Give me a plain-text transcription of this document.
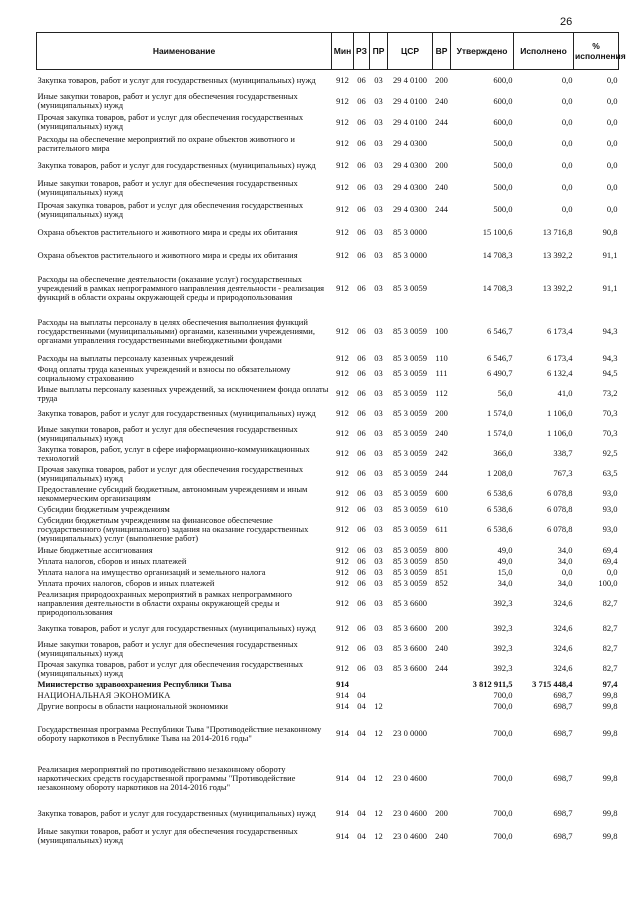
26
Наименование	Мин	РЗ	ПР	ЦСР	ВР	Утверждено	Исполнено	% исполнения
Закупка товаров, работ и услуг для государственных (муниципальных) нужд	912	06	03	29 4 0100	200	600,0	0,0	0,0
Иные закупки товаров, работ и услуг для обеспечения государственных (муниципальных) нужд	912	06	03	29 4 0100	240	600,0	0,0	0,0
Прочая закупка товаров, работ и услуг для обеспечения государственных (муниципальных) нужд	912	06	03	29 4 0100	244	600,0	0,0	0,0
Расходы на обеспечение мероприятий по охране объектов животного и растительного мира	912	06	03	29 4 0300		500,0	0,0	0,0
Закупка товаров, работ и услуг для государственных (муниципальных) нужд	912	06	03	29 4 0300	200	500,0	0,0	0,0
Иные закупки товаров, работ и услуг для обеспечения государственных (муниципальных) нужд	912	06	03	29 4 0300	240	500,0	0,0	0,0
Прочая закупка товаров, работ и услуг для обеспечения государственных (муниципальных) нужд	912	06	03	29 4 0300	244	500,0	0,0	0,0
Охрана объектов растительного и животного мира и среды их обитания	912	06	03	85 3 0000		15 100,6	13 716,8	90,8
Охрана объектов растительного и животного мира и среды их обитания	912	06	03	85 3 0000		14 708,3	13 392,2	91,1
Расходы на обеспечение деятельности (оказание услуг) государственных учреждений в рамках непрограммного направления деятельности - реализация функций в области охраны окружающей среды и природопользования	912	06	03	85 3 0059		14 708,3	13 392,2	91,1
Расходы на выплаты персоналу в целях обеспечения выполнения функций государственными (муниципальными) органами, казенными учреждениями, органами управления государственными внебюджетными фондами	912	06	03	85 3 0059	100	6 546,7	6 173,4	94,3
Расходы на выплаты персоналу казенных учреждений	912	06	03	85 3 0059	110	6 546,7	6 173,4	94,3
Фонд оплаты труда казенных учреждений и взносы по обязательному социальному страхованию	912	06	03	85 3 0059	111	6 490,7	6 132,4	94,5
Иные выплаты персоналу казенных учреждений, за исключением фонда оплаты труда	912	06	03	85 3 0059	112	56,0	41,0	73,2
Закупка товаров, работ и услуг для государственных (муниципальных) нужд	912	06	03	85 3 0059	200	1 574,0	1 106,0	70,3
Иные закупки товаров, работ и услуг для обеспечения государственных (муниципальных) нужд	912	06	03	85 3 0059	240	1 574,0	1 106,0	70,3
Закупка товаров, работ, услуг в сфере информационно-коммуникационных технологий	912	06	03	85 3 0059	242	366,0	338,7	92,5
Прочая закупка товаров, работ и услуг для обеспечения государственных (муниципальных) нужд	912	06	03	85 3 0059	244	1 208,0	767,3	63,5
Предоставление субсидий бюджетным, автономным учреждениям и иным некоммерческим организациям	912	06	03	85 3 0059	600	6 538,6	6 078,8	93,0
Субсидии бюджетным учреждениям	912	06	03	85 3 0059	610	6 538,6	6 078,8	93,0
Субсидии бюджетным учреждениям на финансовое обеспечение государственного (муниципального) задания на оказание государственных (муниципальных) услуг (выполнение работ)	912	06	03	85 3 0059	611	6 538,6	6 078,8	93,0
Иные бюджетные ассигнования	912	06	03	85 3 0059	800	49,0	34,0	69,4
Уплата налогов, сборов и иных платежей	912	06	03	85 3 0059	850	49,0	34,0	69,4
Уплата налога на имущество организаций и земельного налога	912	06	03	85 3 0059	851	15,0	0,0	0,0
Уплата прочих налогов, сборов и иных платежей	912	06	03	85 3 0059	852	34,0	34,0	100,0
Реализация природоохранных мероприятий в рамках непрограммного направления деятельности в области охраны окружающей среды и природопользования	912	06	03	85 3 6600		392,3	324,6	82,7
Закупка товаров, работ и услуг для государственных (муниципальных) нужд	912	06	03	85 3 6600	200	392,3	324,6	82,7
Иные закупки товаров, работ и услуг для обеспечения государственных (муниципальных) нужд	912	06	03	85 3 6600	240	392,3	324,6	82,7
Прочая закупка товаров, работ и услуг для обеспечения государственных (муниципальных) нужд	912	06	03	85 3 6600	244	392,3	324,6	82,7
Министерство здравоохранения Республики Тыва	914					3 812 911,5	3 715 448,4	97,4
НАЦИОНАЛЬНАЯ ЭКОНОМИКА	914	04				700,0	698,7	99,8
Другие вопросы в области национальной экономики	914	04	12			700,0	698,7	99,8
Государственная программа Республики Тыва "Противодействие незаконному обороту наркотиков в Республике Тыва на 2014-2016 годы"	914	04	12	23 0 0000		700,0	698,7	99,8
Реализация мероприятий по противодействию незаконному обороту наркотических средств государственной программы "Противодействие незаконному обороту наркотиков на 2014-2016 годы"	914	04	12	23 0 4600		700,0	698,7	99,8
Закупка товаров, работ и услуг для государственных (муниципальных) нужд	914	04	12	23 0 4600	200	700,0	698,7	99,8
Иные закупки товаров, работ и услуг для обеспечения государственных (муниципальных) нужд	914	04	12	23 0 4600	240	700,0	698,7	99,8
